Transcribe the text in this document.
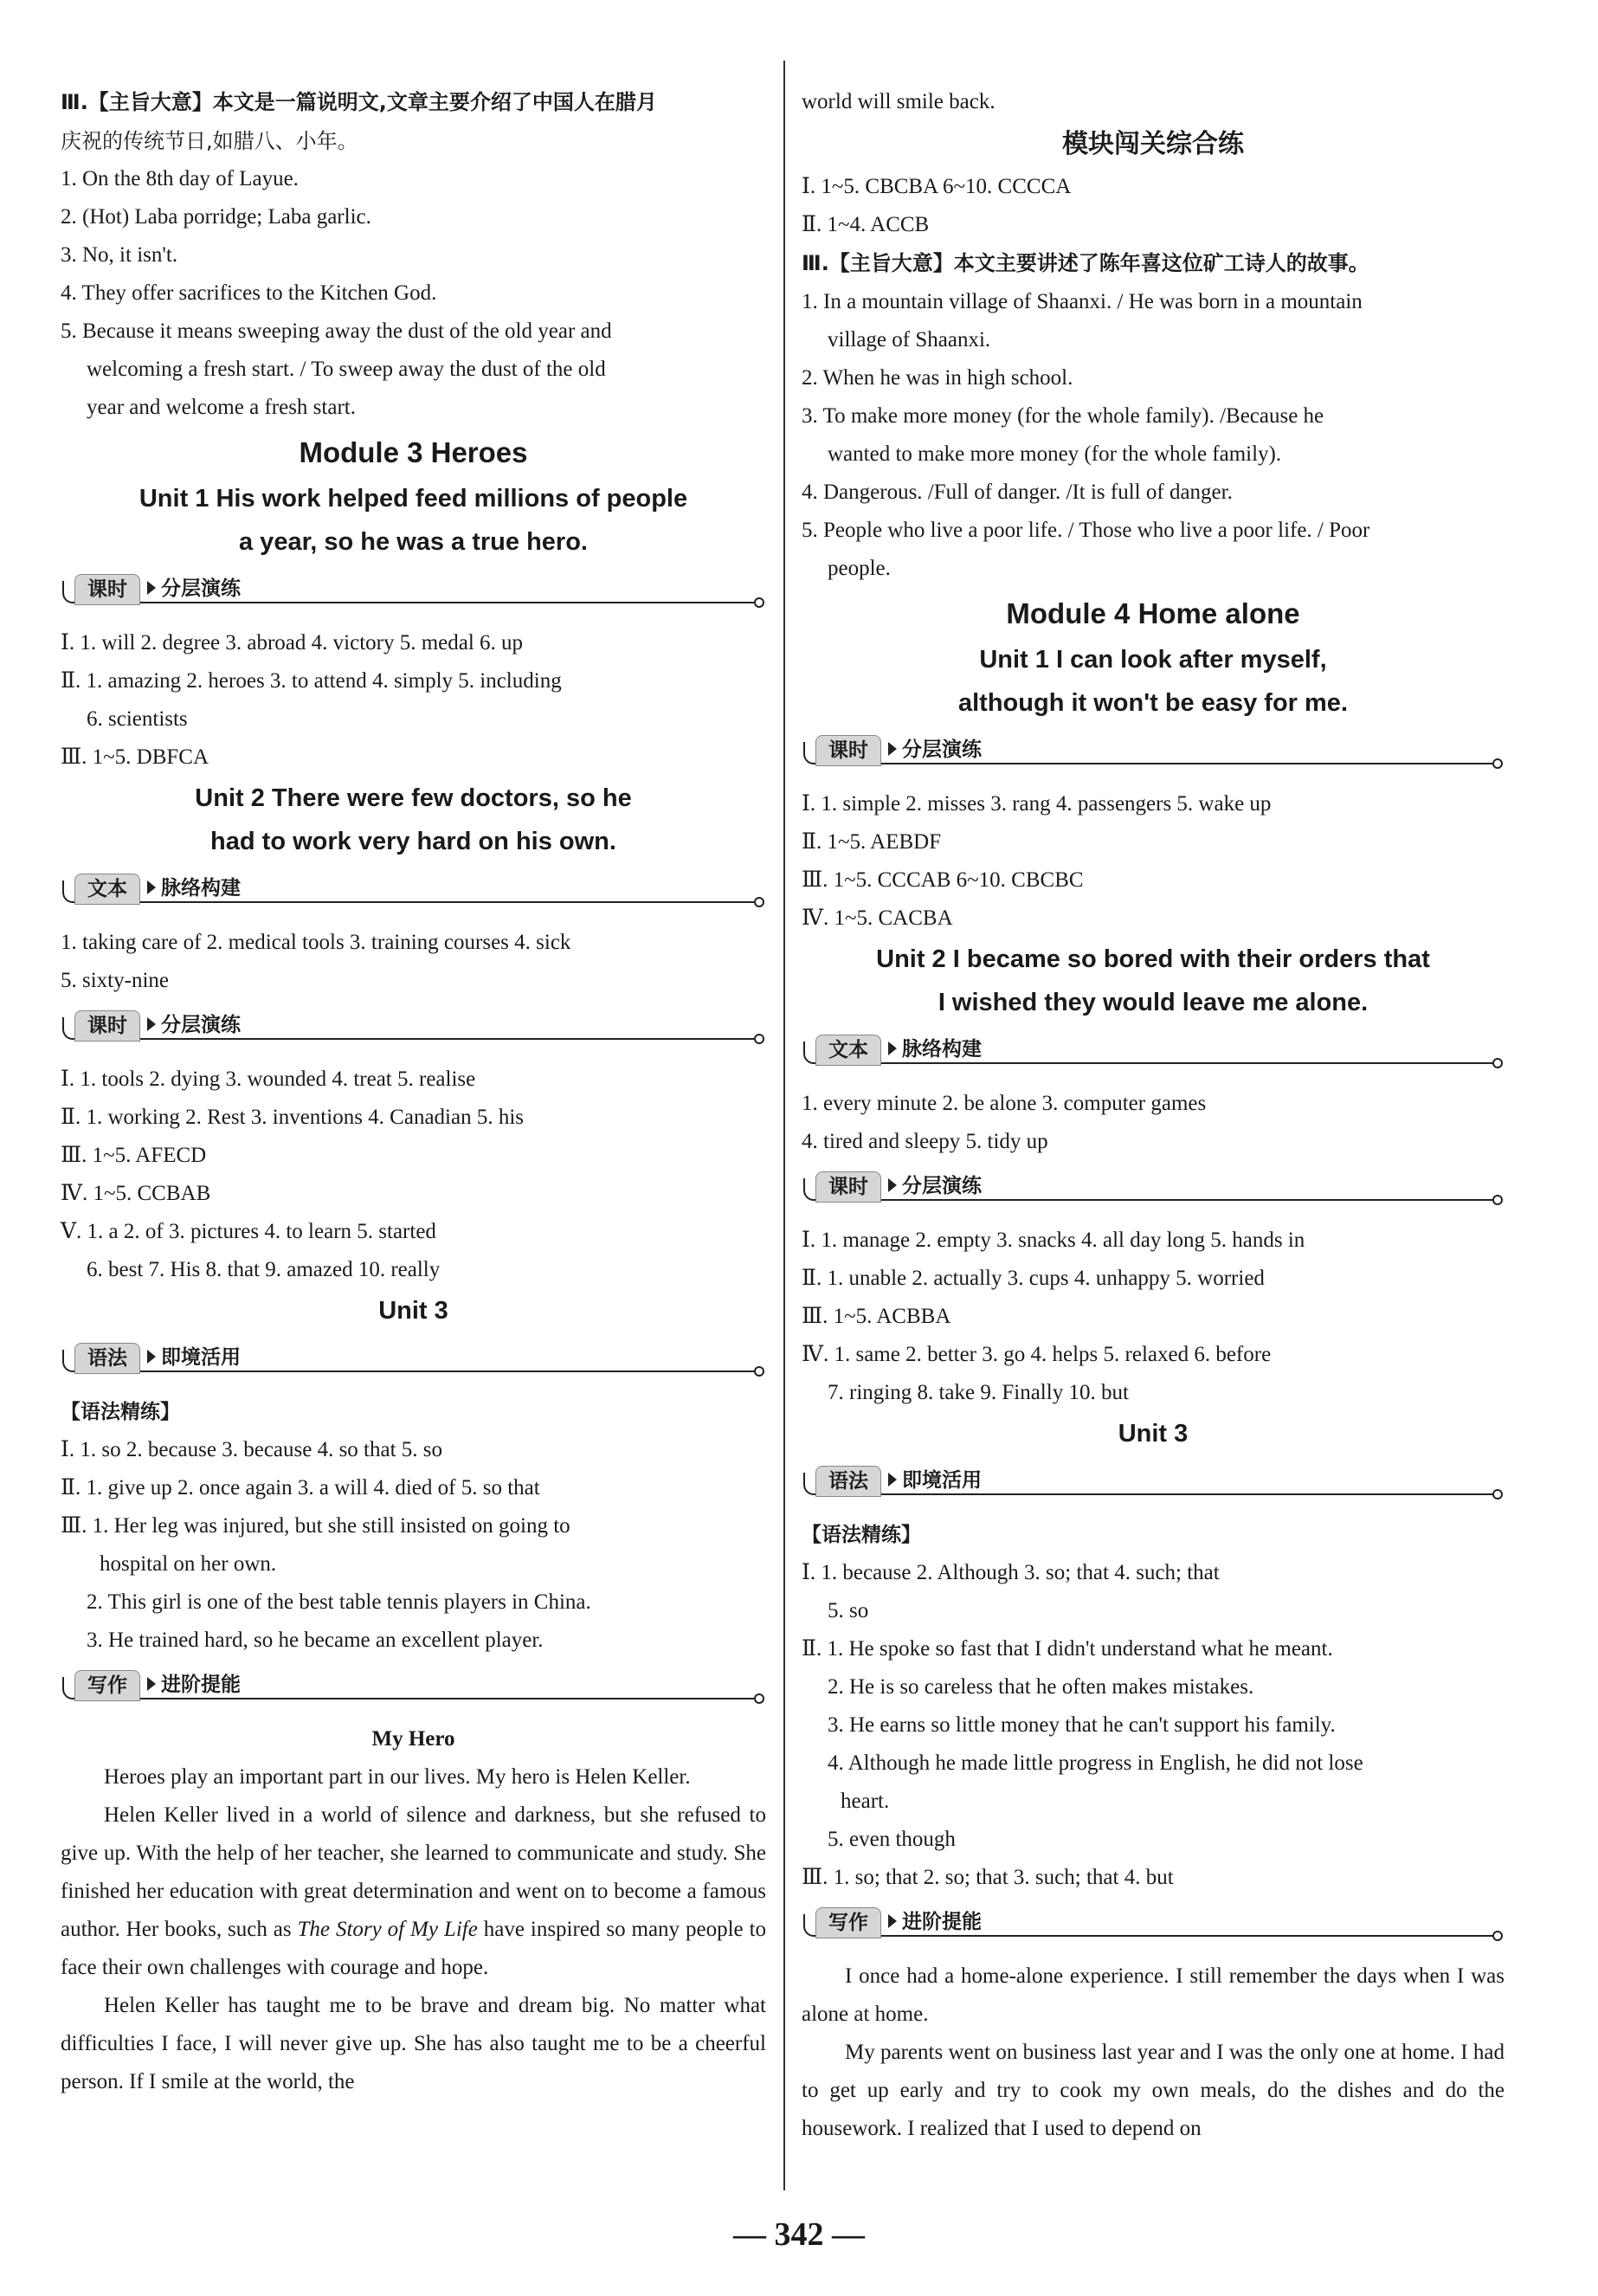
Ⅲ.【主旨大意】本文是一篇说明文,文章主要介绍了中国人在腊月

庆祝的传统节日,如腊八、小年。

1. On the 8th day of Layue.

2. (Hot) Laba porridge; Laba garlic.

3. No, it isn't.

4. They offer sacrifices to the Kitchen God.

5. Because it means sweeping away the dust of the old year and

welcoming a fresh start. / To sweep away the dust of the old

year and welcome a fresh start.

Module 3 Heroes

Unit 1 His work helped feed millions of people

a year, so he was a true hero.

课时	分层演练

Ⅰ. 1. will 2. degree 3. abroad 4. victory 5. medal 6. up

Ⅱ. 1. amazing 2. heroes 3. to attend 4. simply 5. including

6. scientists

Ⅲ. 1~5. DBFCA

Unit 2 There were few doctors, so he

had to work very hard on his own.

文本	脉络构建

1. taking care of 2. medical tools 3. training courses 4. sick

5. sixty-nine

课时	分层演练

Ⅰ. 1. tools 2. dying 3. wounded 4. treat 5. realise

Ⅱ. 1. working 2. Rest 3. inventions 4. Canadian 5. his

Ⅲ. 1~5. AFECD

Ⅳ. 1~5. CCBAB

Ⅴ. 1. a 2. of 3. pictures 4. to learn 5. started

6. best 7. His 8. that 9. amazed 10. really

Unit 3

语法	即境活用

【语法精练】

Ⅰ. 1. so 2. because 3. because 4. so that 5. so

Ⅱ. 1. give up 2. once again 3. a will 4. died of 5. so that

Ⅲ. 1. Her leg was injured, but she still insisted on going to

hospital on her own.

2. This girl is one of the best table tennis players in China.

3. He trained hard, so he became an excellent player.

写作	进阶提能

My Hero

Heroes play an important part in our lives. My hero is Helen Keller.

Helen Keller lived in a world of silence and darkness, but she refused to give up. With the help of her teacher, she learned to communicate and study. She finished her education with great determination and went on to become a famous author. Her books, such as The Story of My Life have inspired so many people to face their own challenges with courage and hope.

Helen Keller has taught me to be brave and dream big. No matter what difficulties I face, I will never give up. She has also taught me to be a cheerful person. If I smile at the world, the

world will smile back.

模块闯关综合练

Ⅰ. 1~5. CBCBA 6~10. CCCCA

Ⅱ. 1~4. ACCB

Ⅲ.【主旨大意】本文主要讲述了陈年喜这位矿工诗人的故事。

1. In a mountain village of Shaanxi. / He was born in a mountain

village of Shaanxi.

2. When he was in high school.

3. To make more money (for the whole family). /Because he

wanted to make more money (for the whole family).

4. Dangerous. /Full of danger. /It is full of danger.

5. People who live a poor life. / Those who live a poor life. / Poor

people.

Module 4 Home alone

Unit 1 I can look after myself,

although it won't be easy for me.

课时	分层演练

Ⅰ. 1. simple 2. misses 3. rang 4. passengers 5. wake up

Ⅱ. 1~5. AEBDF

Ⅲ. 1~5. CCCAB 6~10. CBCBC

Ⅳ. 1~5. CACBA

Unit 2 I became so bored with their orders that

I wished they would leave me alone.

文本	脉络构建

1. every minute 2. be alone 3. computer games

4. tired and sleepy 5. tidy up

课时	分层演练

Ⅰ. 1. manage 2. empty 3. snacks 4. all day long 5. hands in

Ⅱ. 1. unable 2. actually 3. cups 4. unhappy 5. worried

Ⅲ. 1~5. ACBBA

Ⅳ. 1. same 2. better 3. go 4. helps 5. relaxed 6. before

7. ringing 8. take 9. Finally 10. but

Unit 3

语法	即境活用

【语法精练】

Ⅰ. 1. because 2. Although 3. so; that 4. such; that

5. so

Ⅱ. 1. He spoke so fast that I didn't understand what he meant.

2. He is so careless that he often makes mistakes.

3. He earns so little money that he can't support his family.

4. Although he made little progress in English, he did not lose

heart.

5. even though

Ⅲ. 1. so; that 2. so; that 3. such; that 4. but

写作	进阶提能

I once had a home-alone experience. I still remember the days when I was alone at home.

My parents went on business last year and I was the only one at home. I had to get up early and try to cook my own meals, do the dishes and do the housework. I realized that I used to depend on

— 342 —
